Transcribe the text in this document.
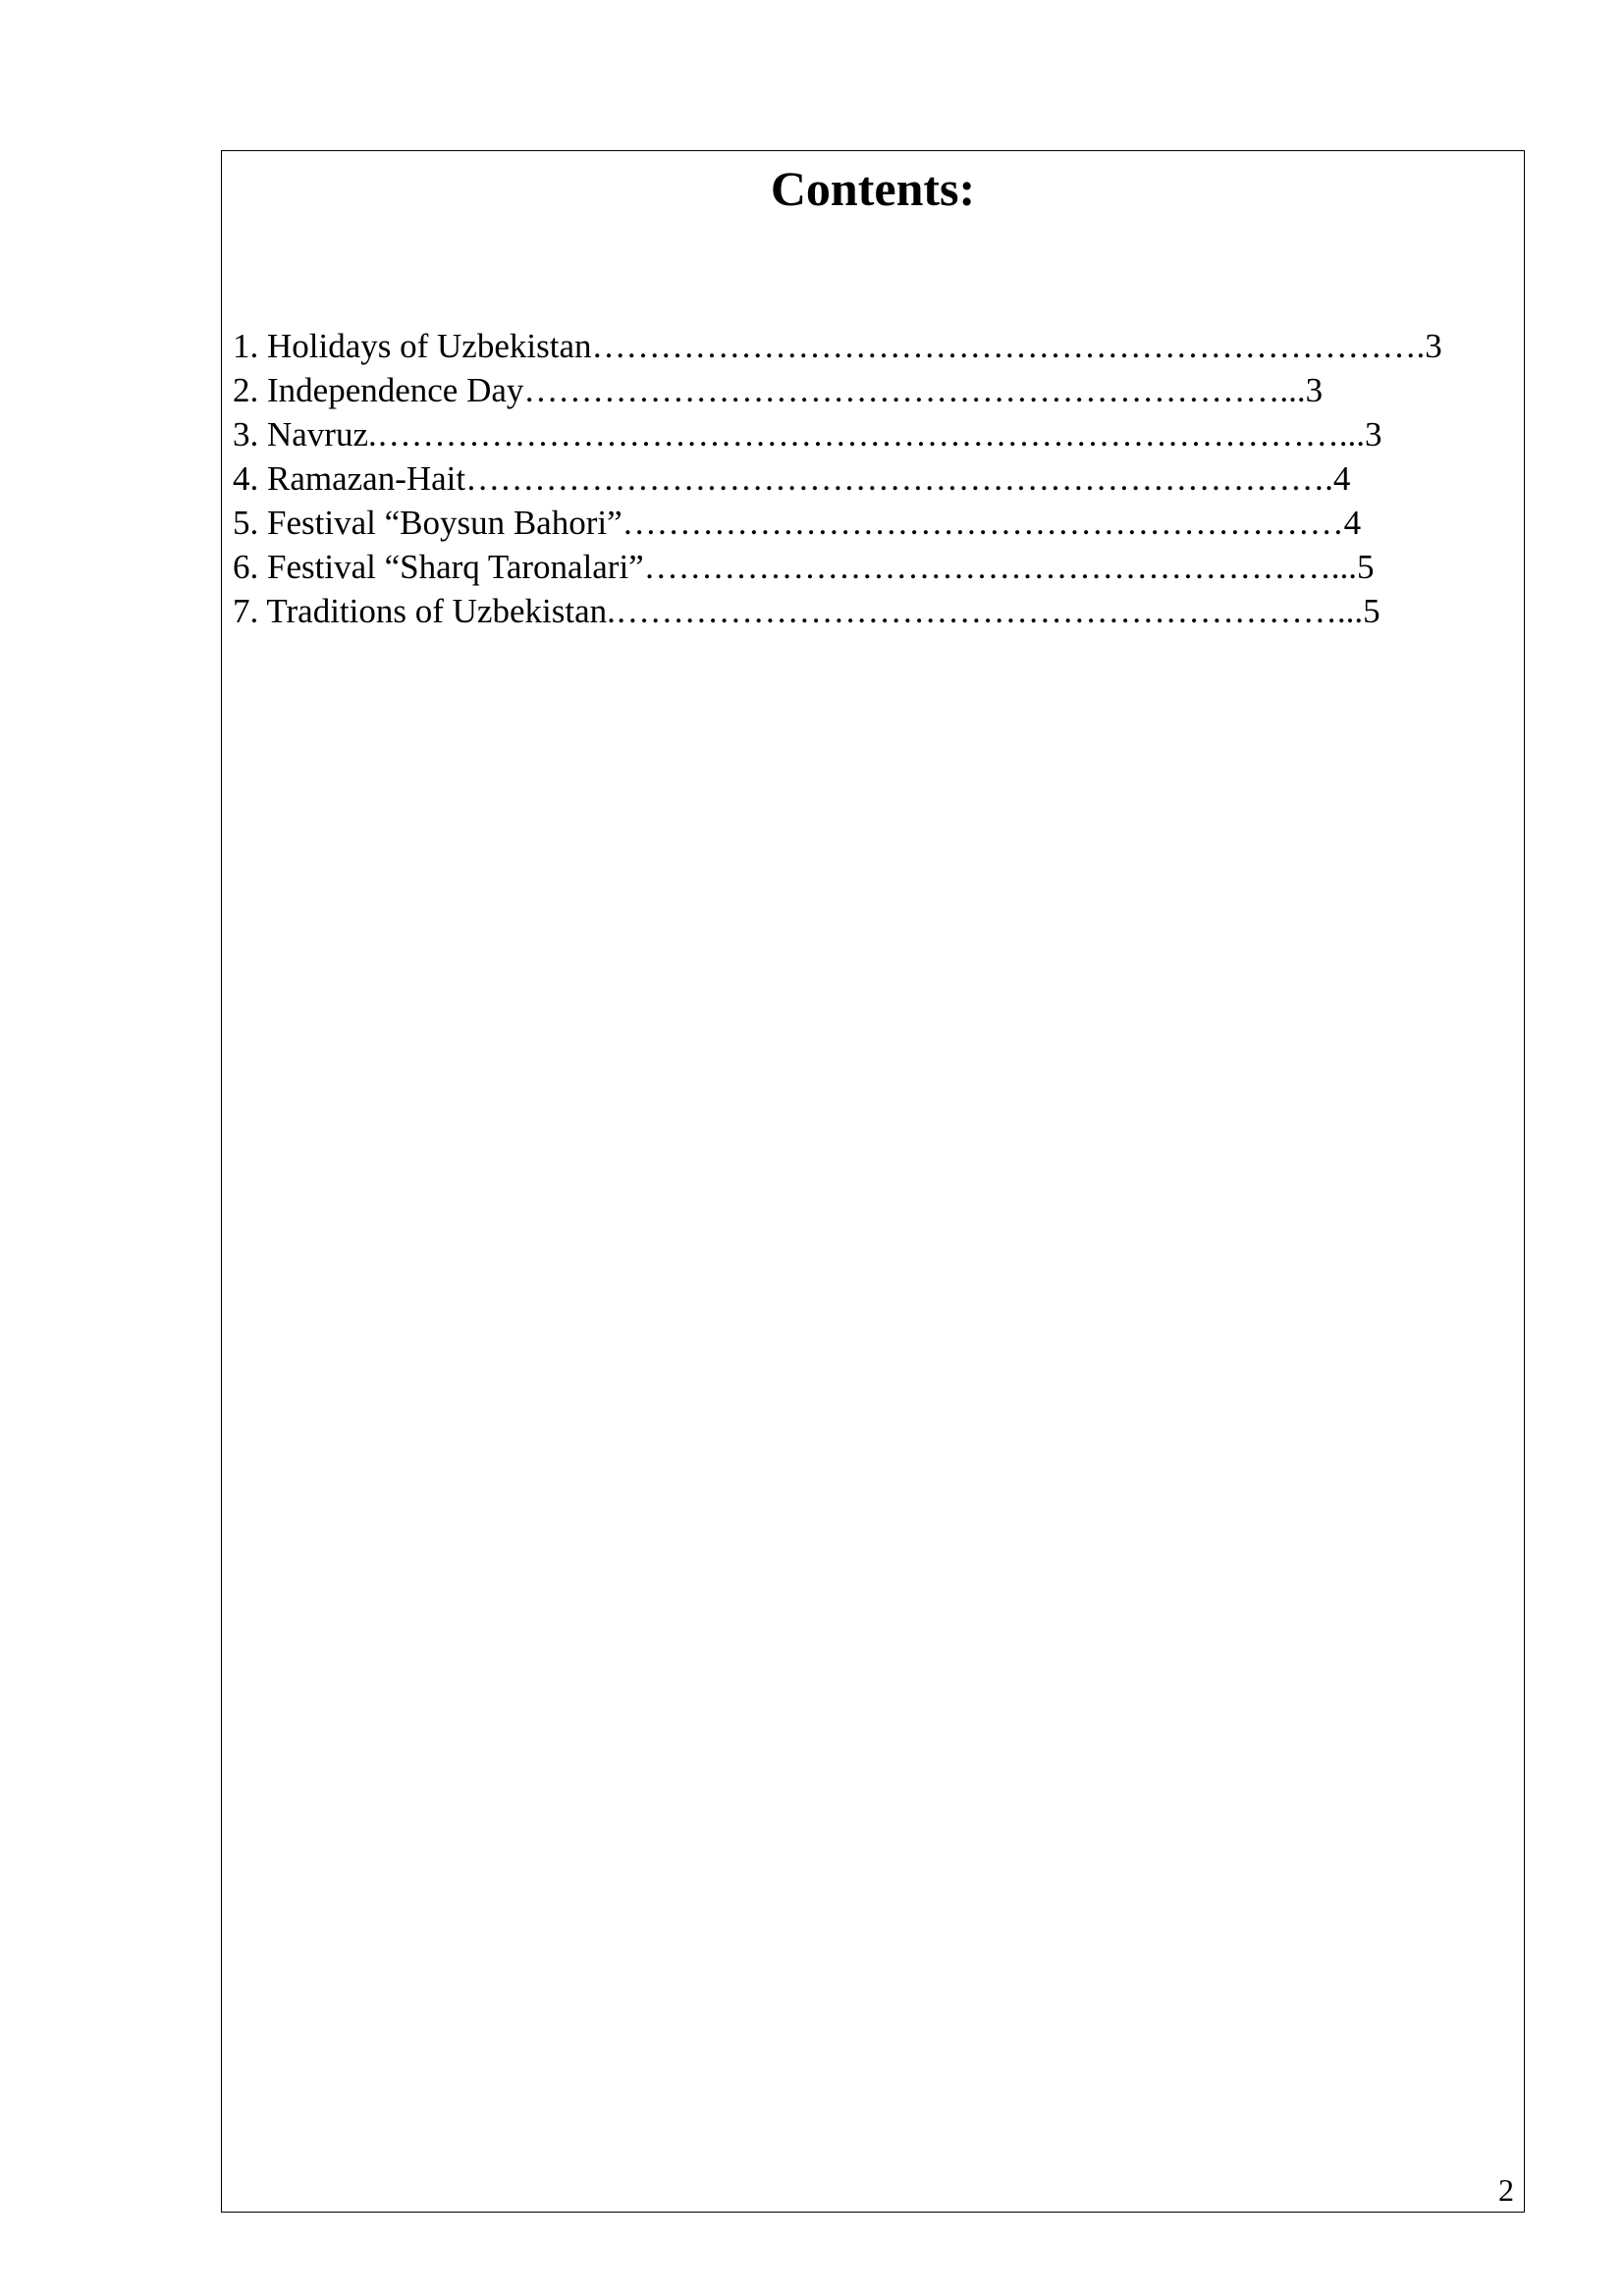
Contents:
1. Holidays of Uzbekistan……………………………………………………………….3
2. Independence Day…………………………………………………………...3
3. Navruz.…………………………………………………………………………...3
4. Ramazan-Hait………………………………………………………………….4
5. Festival “Boysun Bahori”………………………………………………………4
6. Festival “Sharq Taronalari”……………………………………………………...5
7. Traditions of Uzbekistan.………………………………………………………...5
2
